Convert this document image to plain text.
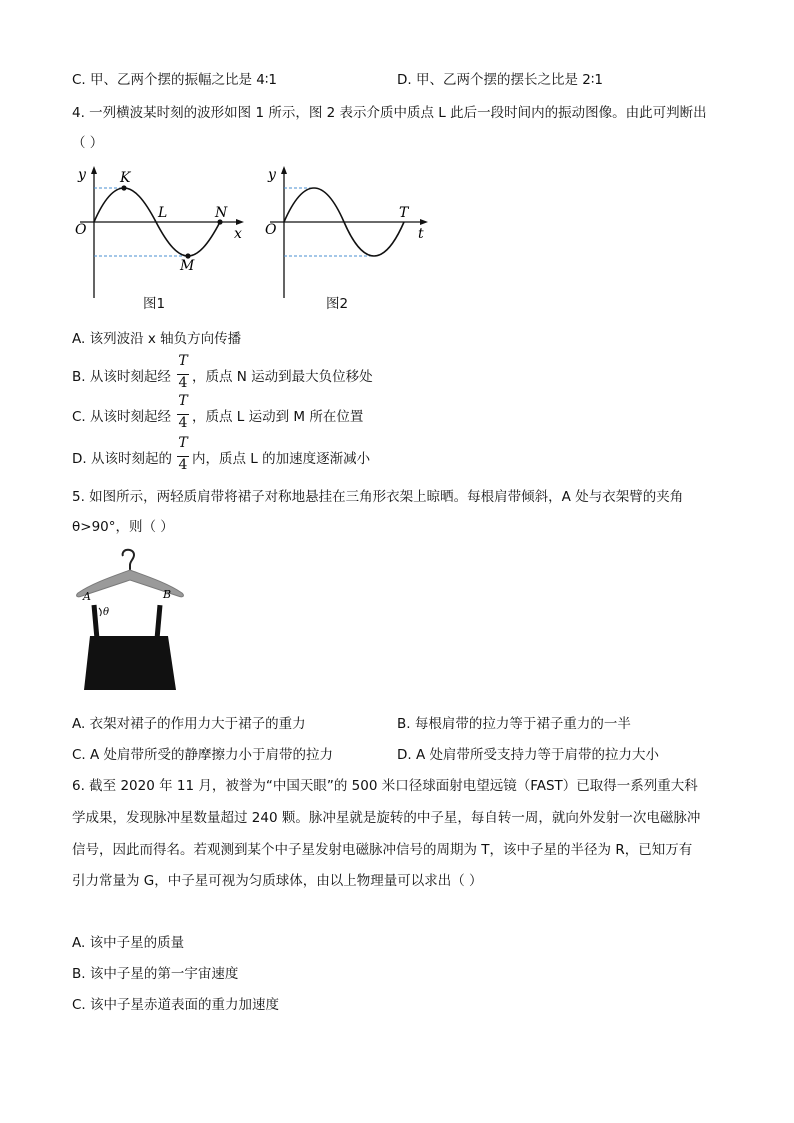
C. 甲、乙两个摆的振幅之比是 4∶1	D. 甲、乙两个摆的摆长之比是 2∶1
4. 一列横波某时刻的波形如图 1 所示，图 2 表示介质中质点 L 此后一段时间内的振动图像。由此可判断出
（ ）
y
O	x
K
L
M
N
图1
y
O	t
T
图2
A. 该列波沿 x 轴负方向传播
B. 从该时刻起经
T
4 ，质点 N 运动到最大负位移处
C. 从该时刻起经
T
4 ，质点 L 运动到 M 所在位置
D. 从该时刻起的
T
4 内，质点 L 的加速度逐渐减小
5. 如图所示，两轻质肩带将裙子对称地悬挂在三角形衣架上晾晒。每根肩带倾斜，A 处与衣架臂的夹角
θ>90°，则（ ）
A	B
θ
A. 衣架对裙子的作用力大于裙子的重力	B. 每根肩带的拉力等于裙子重力的一半
C. A 处肩带所受的静摩擦力小于肩带的拉力	D. A 处肩带所受支持力等于肩带的拉力大小
6. 截至 2020 年 11 月，被誉为“中国天眼”的 500 米口径球面射电望远镜（FAST）已取得一系列重大科
学成果，发现脉冲星数量超过 240 颗。脉冲星就是旋转的中子星，每自转一周，就向外发射一次电磁脉冲
信号，因此而得名。若观测到某个中子星发射电磁脉冲信号的周期为 T，该中子星的半径为 R，已知万有
引力常量为 G，中子星可视为匀质球体，由以上物理量可以求出（ ）
A. 该中子星的质量
B. 该中子星的第一宇宙速度
C. 该中子星赤道表面的重力加速度
